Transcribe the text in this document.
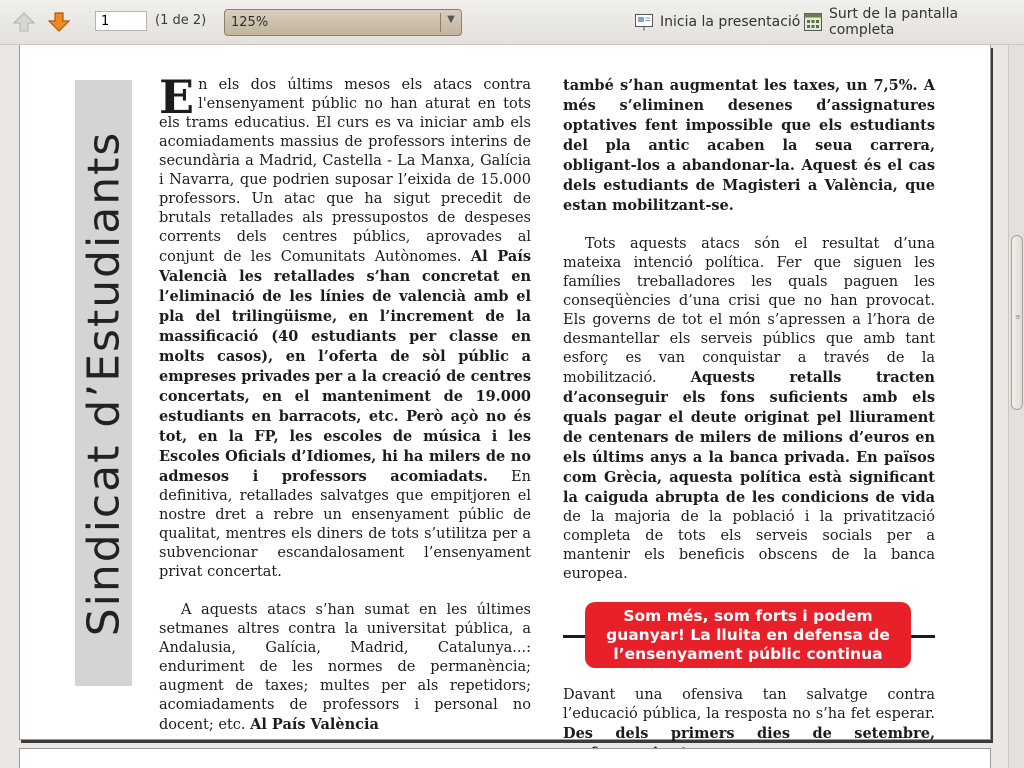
1
(1 de 2) 125%	▼	Inicia la presentació Surt de la pantalla completa
Sindicat d’Estudiants

E n els dos últims mesos els atacs contra l'ensenyament públic no han aturat en tots els trams educatius. El curs es va iniciar amb els acomiadaments massius de professors interins de secundària a Madrid, Castella - La Manxa, Galícia i Navarra, que podrien suposar l’eixida de 15.000 professors. Un atac que ha sigut precedit de brutals retallades als pressupostos de despeses corrents dels centres públics, aprovades al conjunt de les Comunitats Autònomes. Al País Valencià les retallades s’han concretat en l’eliminació de les línies de valencià amb el pla del trilingüisme, en l’increment de la massificació (40 estudiants per classe en molts casos), en l’oferta de sòl públic a empreses privades per a la creació de centres concertats, en el manteniment de 19.000 estudiants en barracots, etc. Però açò no és tot, en la FP, les escoles de música i les Escoles Oficials d’Idiomes, hi ha milers de no admesos i professors acomiadats. En definitiva, retallades salvatges que empitjoren el nostre dret a rebre un ensenyament públic de qualitat, mentres els diners de tots s’utilitza per a subvencionar escandalosament l’ensenyament privat concertat.

A aquests atacs s’han sumat en les últimes setmanes altres contra la universitat pública, a Andalusia, Galícia, Madrid, Catalunya...: enduriment de les normes de permanència; augment de taxes; multes per als repetidors; acomiadaments de professors i personal no docent; etc. Al País València

també s’han augmentat les taxes, un 7,5%. A més s’eliminen desenes d’assignatures optatives fent impossible que els estudiants del pla antic acaben la seua carrera, obligant-los a abandonar-la. Aquest és el cas dels estudiants de Magisteri a València, que estan mobilitzant-se.

Tots aquests atacs són el resultat d’una mateixa intenció política. Fer que siguen les famílies treballadores les quals paguen les conseqüències d’una crisi que no han provocat. Els governs de tot el món s’apressen a l’hora de desmantellar els serveis públics que amb tant esforç es van conquistar a través de la mobilització. Aquests retalls tracten d’aconseguir els fons suficients amb els quals pagar el deute originat pel lliurament de centenars de milers de milions d’euros en els últims anys a la banca privada. En països com Grècia, aquesta política està significant la caiguda abrupta de les condicions de vida de la majoria de la població i la privatització completa de tots els serveis socials per a mantenir els beneficis obscens de la banca europea.

Som més, som forts i podem guanyar! La lluita en defensa de l’ensenyament públic continua

Davant una ofensiva tan salvatge contra l’educació pública, la resposta no s’ha fet esperar. Des dels primers dies de setembre,

≡
